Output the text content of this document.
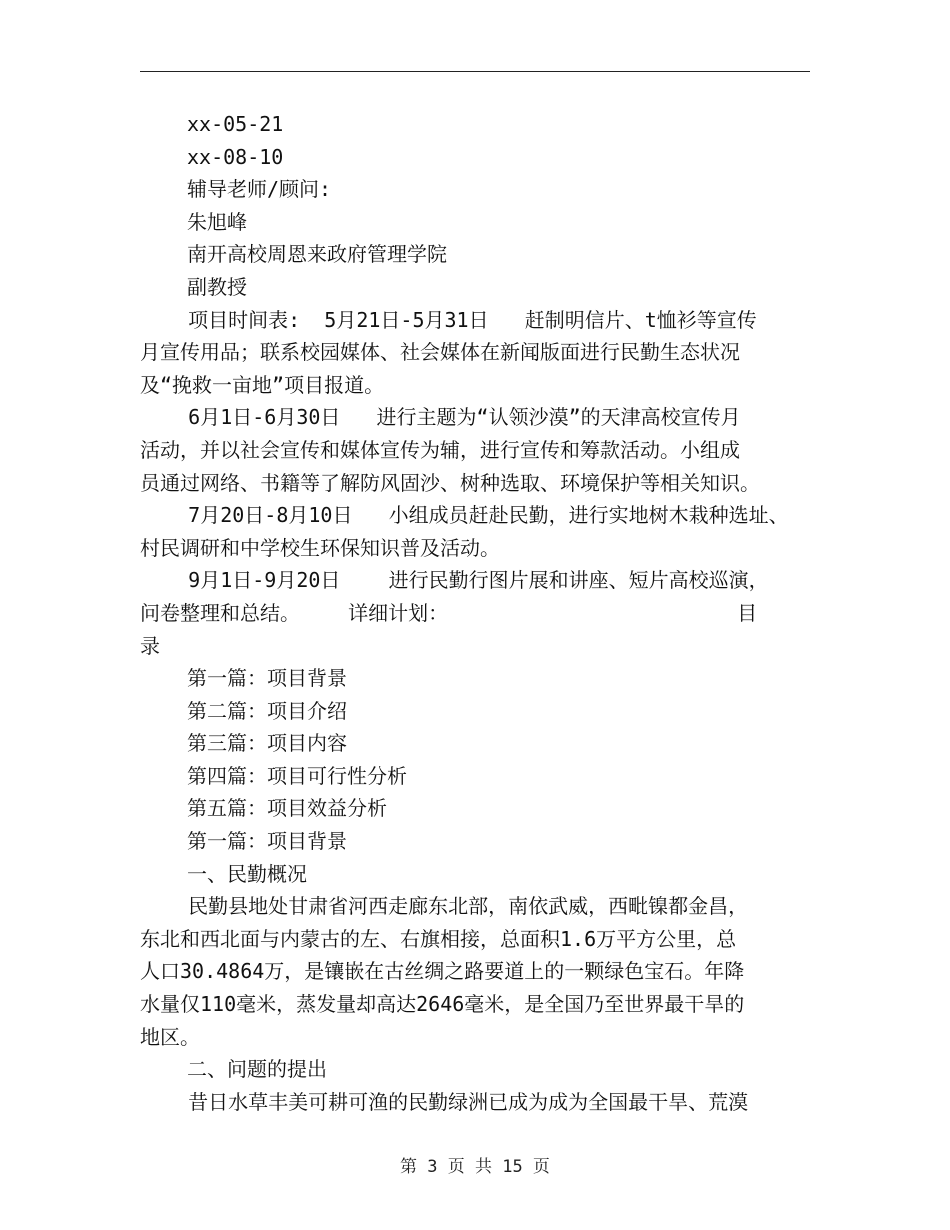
xx-05-21
xx-08-10
辅导老师/顾问:
朱旭峰
南开高校周恩来政府管理学院
副教授
项目时间表:  5月21日-5月31日   赶制明信片、t恤衫等宣传
月宣传用品；联系校园媒体、社会媒体在新闻版面进行民勤生态状况
及“挽救一亩地”项目报道。
6月1日-6月30日   进行主题为“认领沙漠”的天津高校宣传月
活动，并以社会宣传和媒体宣传为辅，进行宣传和筹款活动。小组成
员通过网络、书籍等了解防风固沙、树种选取、环境保护等相关知识。
7月20日-8月10日   小组成员赶赴民勤，进行实地树木栽种选址、
村民调研和中学校生环保知识普及活动。
9月1日-9月20日    进行民勤行图片展和讲座、短片高校巡演，
问卷整理和总结。    详细计划：                        目
录
第一篇：项目背景
第二篇：项目介绍
第三篇：项目内容
第四篇：项目可行性分析
第五篇：项目效益分析
第一篇：项目背景
一、民勤概况
民勤县地处甘肃省河西走廊东北部，南依武威，西毗镍都金昌，
东北和西北面与内蒙古的左、右旗相接，总面积1.6万平方公里，总
人口30.4864万，是镶嵌在古丝绸之路要道上的一颗绿色宝石。年降
水量仅110毫米，蒸发量却高达2646毫米，是全国乃至世界最干旱的
地区。
二、问题的提出
昔日水草丰美可耕可渔的民勤绿洲已成为成为全国最干旱、荒漠
第 3 页 共 15 页
